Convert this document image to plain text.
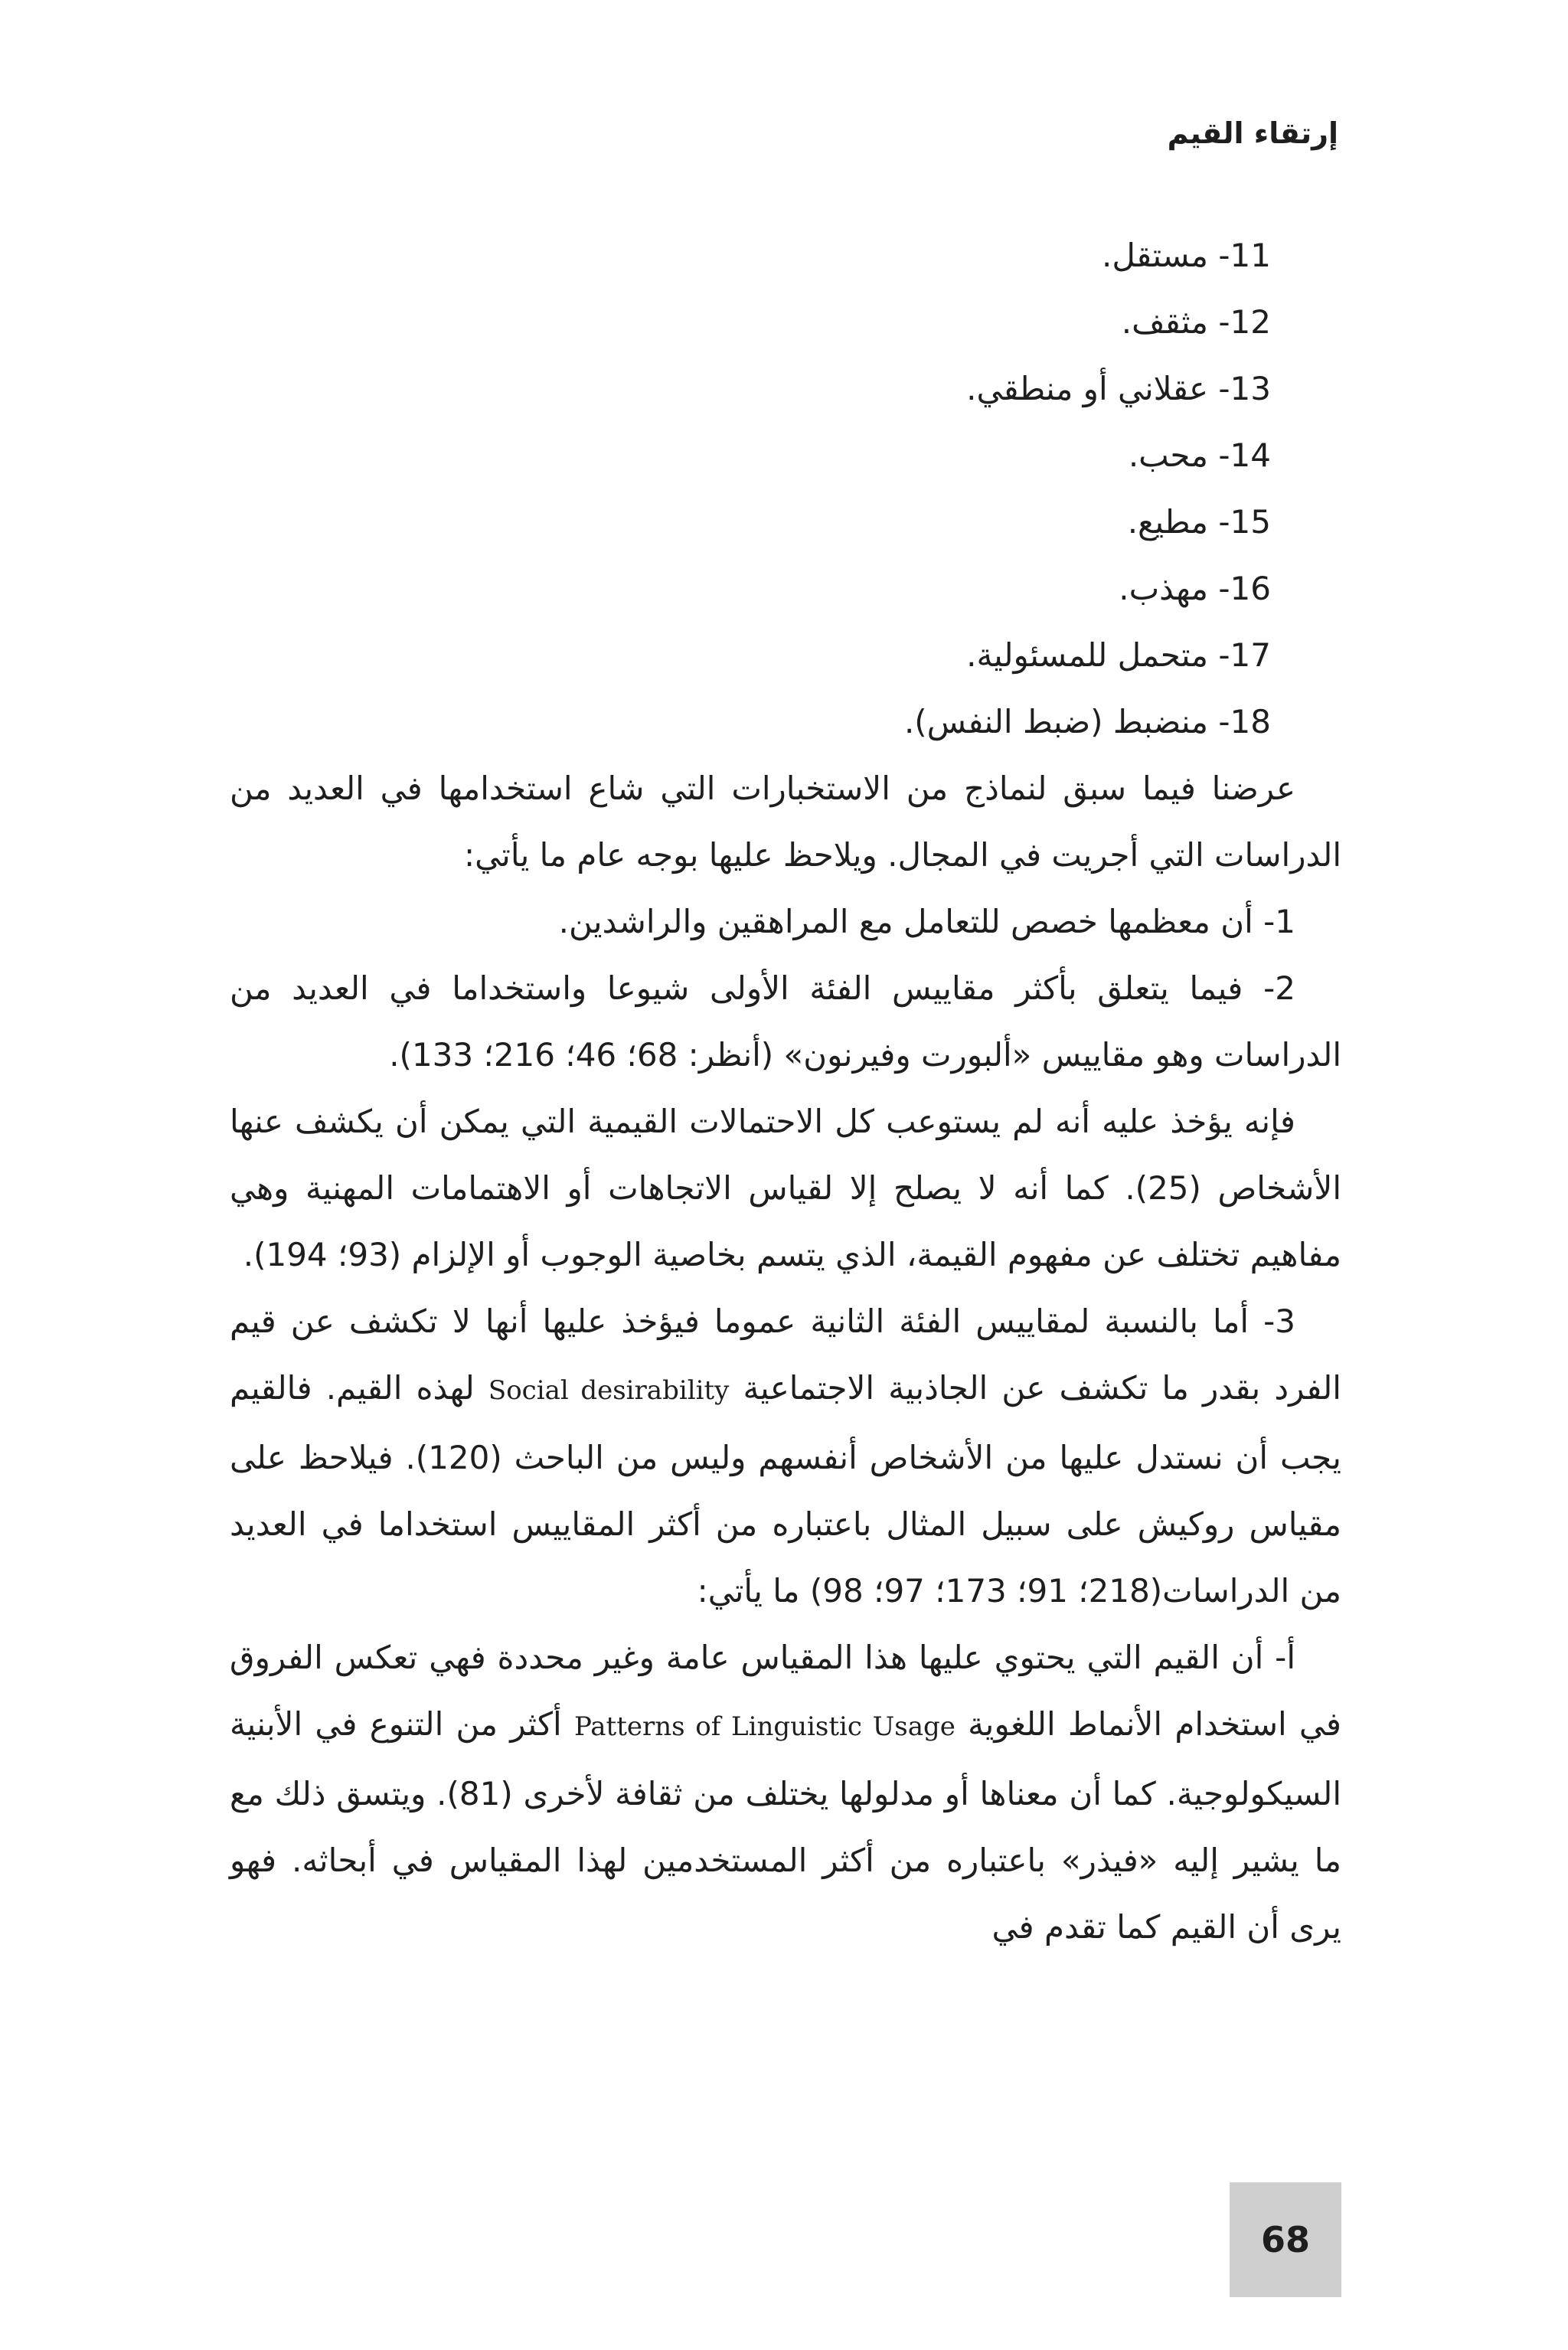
إرتقاء القيم

11- مستقل.

12- مثقف.

13- عقلاني أو منطقي.

14- محب.

15- مطيع.

16- مهذب.

17- متحمل للمسئولية.

18- منضبط (ضبط النفس).

عرضنا فيما سبق لنماذج من الاستخبارات التي شاع استخدامها في العديد من الدراسات التي أجريت في المجال. ويلاحظ عليها بوجه عام ما يأتي:

1- أن معظمها خصص للتعامل مع المراهقين والراشدين.

2- فيما يتعلق بأكثر مقاييس الفئة الأولى شيوعا واستخداما في العديد من الدراسات وهو مقاييس «ألبورت وفيرنون» (أنظر: 68؛ 46؛ 216؛ 133).

فإنه يؤخذ عليه أنه لم يستوعب كل الاحتمالات القيمية التي يمكن أن يكشف عنها الأشخاص (25). كما أنه لا يصلح إلا لقياس الاتجاهات أو الاهتمامات المهنية وهي مفاهيم تختلف عن مفهوم القيمة، الذي يتسم بخاصية الوجوب أو الإلزام (93؛ 194).

3- أما بالنسبة لمقاييس الفئة الثانية عموما فيؤخذ عليها أنها لا تكشف عن قيم الفرد بقدر ما تكشف عن الجاذبية الاجتماعية Social desirability لهذه القيم. فالقيم يجب أن نستدل عليها من الأشخاص أنفسهم وليس من الباحث (120). فيلاحظ على مقياس روكيش على سبيل المثال باعتباره من أكثر المقاييس استخداما في العديد من الدراسات(218؛ 91؛ 173؛ 97؛ 98) ما يأتي:

أ- أن القيم التي يحتوي عليها هذا المقياس عامة وغير محددة فهي تعكس الفروق في استخدام الأنماط اللغوية Patterns of Linguistic Usage أكثر من التنوع في الأبنية السيكولوجية. كما أن معناها أو مدلولها يختلف من ثقافة لأخرى (81). ويتسق ذلك مع ما يشير إليه «فيذر» باعتباره من أكثر المستخدمين لهذا المقياس في أبحاثه. فهو يرى أن القيم كما تقدم في

68
